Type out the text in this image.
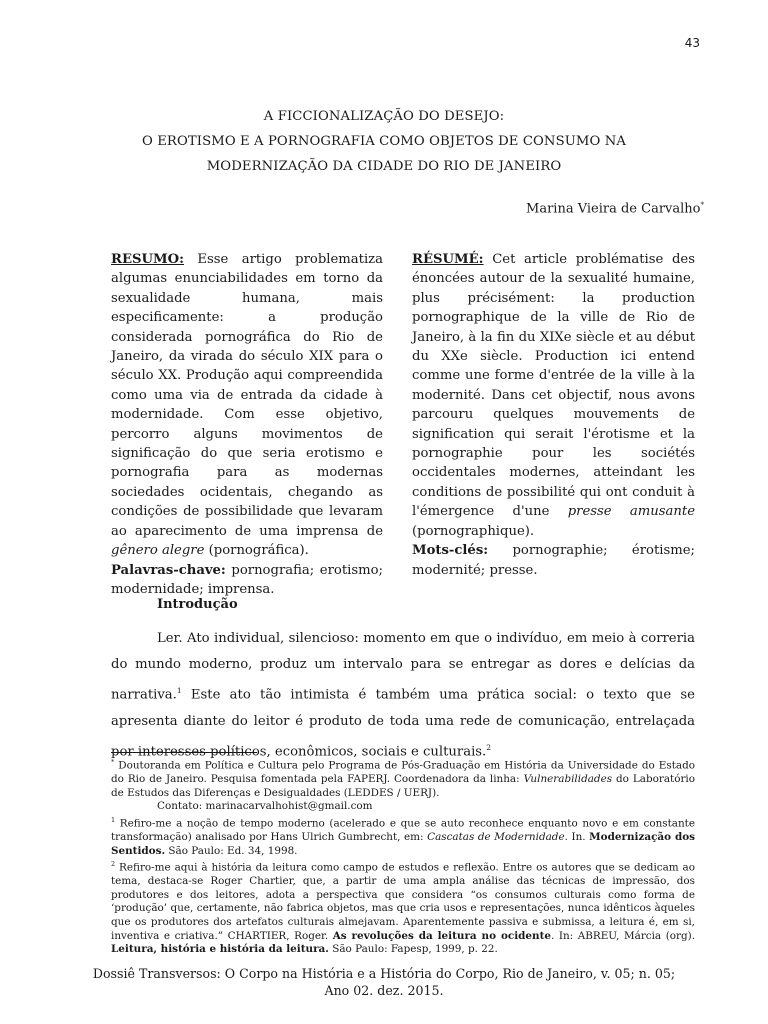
43
A FICCIONALIZAÇÃO DO DESEJO:
O EROTISMO E A PORNOGRAFIA COMO OBJETOS DE CONSUMO NA
MODERNIZAÇÃO DA CIDADE DO RIO DE JANEIRO
Marina Vieira de Carvalho*

RESUMO: Esse artigo problematiza algumas enunciabilidades em torno da sexualidade humana, mais especificamente: a produção considerada pornográfica do Rio de Janeiro, da virada do século XIX para o século XX. Produção aqui compreendida como uma via de entrada da cidade à modernidade. Com esse objetivo, percorro alguns movimentos de significação do que seria erotismo e pornografia para as modernas sociedades ocidentais, chegando as condições de possibilidade que levaram ao aparecimento de uma imprensa de gênero alegre (pornográfica).

Palavras-chave: pornografia; erotismo; modernidade; imprensa.

RÉSUMÉ: Cet article problématise des énoncées autour de la sexualité humaine, plus précisément: la production pornographique de la ville de Rio de Janeiro, à la fin du XIXe siècle et au début du XXe siècle. Production ici entend comme une forme d'entrée de la ville à la modernité. Dans cet objectif, nous avons parcouru quelques mouvements de signification qui serait l'érotisme et la pornographie pour les sociétés occidentales modernes, atteindant les conditions de possibilité qui ont conduit à l'émergence d'une presse amusante (pornographique).

Mots-clés: pornographie; érotisme; modernité; presse.

Introdução

Ler. Ato individual, silencioso: momento em que o indivíduo, em meio à correria do mundo moderno, produz um intervalo para se entregar as dores e delícias da narrativa.$^1$ Este ato tão intimista é também uma prática social: o texto que se apresenta diante do leitor é produto de toda uma rede de comunicação, entrelaçada por interesses políticos, econômicos, sociais e culturais.$^2$

* Doutoranda em Política e Cultura pelo Programa de Pós-Graduação em História da Universidade do Estado do Rio de Janeiro. Pesquisa fomentada pela FAPERJ. Coordenadora da linha: Vulnerabilidades do Laboratório de Estudos das Diferenças e Desigualdades (LEDDES / UERJ).

Contato: marinacarvalhohist@gmail.com

$^1$ Refiro-me a noção de tempo moderno (acelerado e que se auto reconhece enquanto novo e em constante transformação) analisado por Hans Ulrich Gumbrecht, em: Cascatas de Modernidade. In. Modernização dos Sentidos. São Paulo: Ed. 34, 1998.

$^2$ Refiro-me aqui à história da leitura como campo de estudos e reflexão. Entre os autores que se dedicam ao tema, destaca-se Roger Chartier, que, a partir de uma ampla análise das técnicas de impressão, dos produtores e dos leitores, adota a perspectiva que considera “os consumos culturais como forma de ‘produção’ que, certamente, não fabrica objetos, mas que cria usos e representações, nunca idênticos àqueles que os produtores dos artefatos culturais almejavam. Aparentemente passiva e submissa, a leitura é, em si, inventiva e criativa.” CHARTIER, Roger. As revoluções da leitura no ocidente. In: ABREU, Márcia (org). Leitura, história e história da leitura. São Paulo: Fapesp, 1999, p. 22.

Dossiê Transversos: O Corpo na História e a História do Corpo, Rio de Janeiro, v. 05; n. 05;
Ano 02. dez. 2015.
